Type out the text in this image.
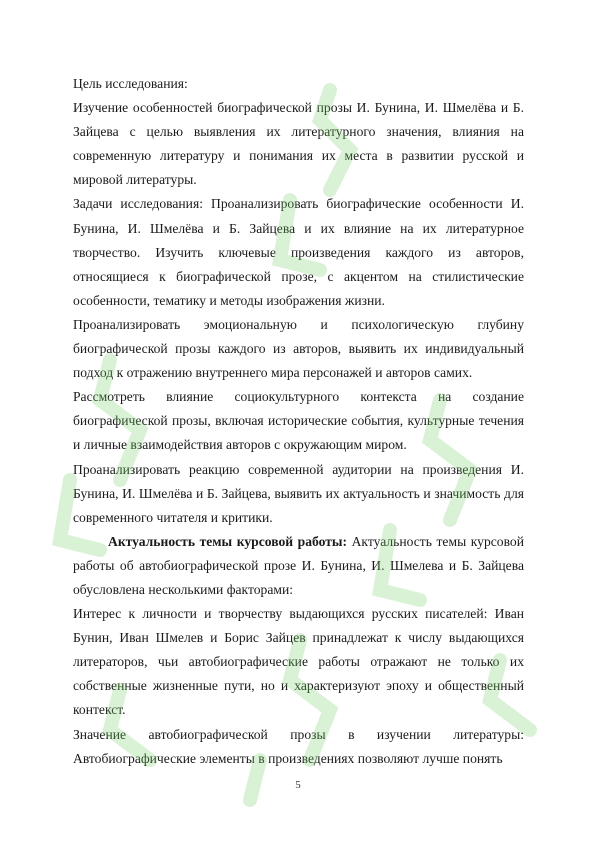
Цель исследования:

Изучение особенностей биографической прозы И. Бунина, И. Шмелёва и Б. Зайцева с целью выявления их литературного значения, влияния на современную литературу и понимания их места в развитии русской и мировой литературы.

Задачи исследования: Проанализировать биографические особенности И. Бунина, И. Шмелёва и Б. Зайцева и их влияние на их литературное творчество. Изучить ключевые произведения каждого из авторов, относящиеся к биографической прозе, с акцентом на стилистические особенности, тематику и методы изображения жизни.

Проанализировать эмоциональную и психологическую глубину биографической прозы каждого из авторов, выявить их индивидуальный подход к отражению внутреннего мира персонажей и авторов самих.

Рассмотреть влияние социокультурного контекста на создание биографической прозы, включая исторические события, культурные течения и личные взаимодействия авторов с окружающим миром.

Проанализировать реакцию современной аудитории на произведения И. Бунина, И. Шмелёва и Б. Зайцева, выявить их актуальность и значимость для современного читателя и критики.

Актуальность темы курсовой работы: Актуальность темы курсовой работы об автобиографической прозе И. Бунина, И. Шмелева и Б. Зайцева обусловлена несколькими факторами:

Интерес к личности и творчеству выдающихся русских писателей: Иван Бунин, Иван Шмелев и Борис Зайцев принадлежат к числу выдающихся литераторов, чьи автобиографические работы отражают не только их собственные жизненные пути, но и характеризуют эпоху и общественный контекст.

Значение автобиографической прозы в изучении литературы: Автобиографические элементы в произведениях позволяют лучше понять

5
